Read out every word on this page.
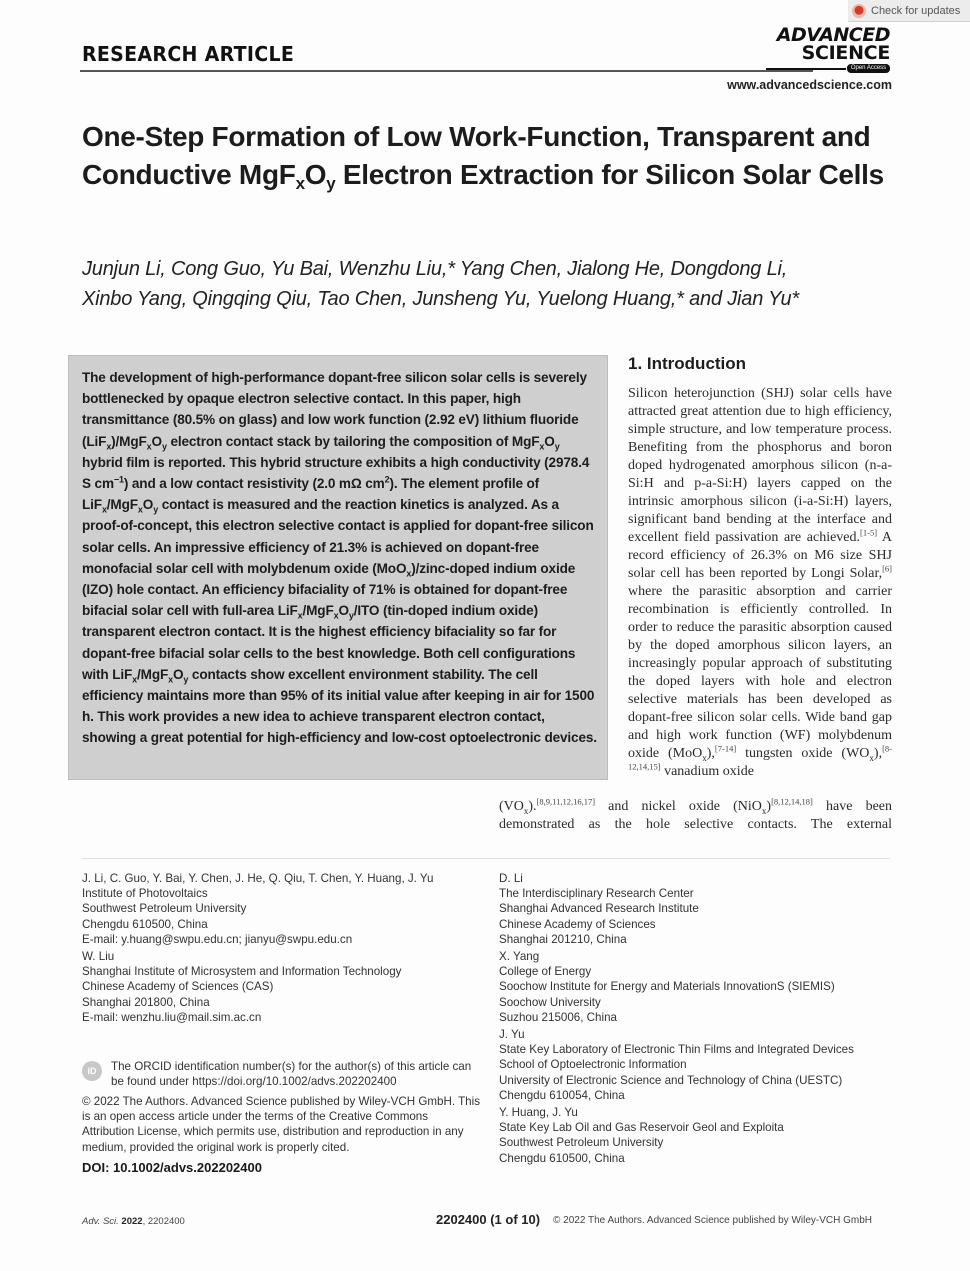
Check for updates
RESEARCH ARTICLE
ADVANCED
SCIENCE
Open Access
www.advancedscience.com
One-Step Formation of Low Work-Function, Transparent and Conductive $MgF_xO_y$ Electron Extraction for Silicon Solar Cells
Junjun Li, Cong Guo, Yu Bai, Wenzhu Liu,* Yang Chen, Jialong He, Dongdong Li,
Xinbo Yang, Qingqing Qiu, Tao Chen, Junsheng Yu, Yuelong Huang,* and Jian Yu*
The development of high-performance dopant-free silicon solar cells is severely bottlenecked by opaque electron selective contact. In this paper, high transmittance (80.5% on glass) and low work function (2.92 eV) lithium fluoride $(LiF_x)/MgF_xO_y$ electron contact stack by tailoring the composition of $MgF_xO_y$ hybrid film is reported. This hybrid structure exhibits a high conductivity (2978.4 S $cm^{-1}$) and a low contact resistivity (2.0 mΩ $cm^2$). The element profile of $LiF_x/MgF_xO_y$ contact is measured and the reaction kinetics is analyzed. As a proof-of-concept, this electron selective contact is applied for dopant-free silicon solar cells. An impressive efficiency of 21.3% is achieved on dopant-free monofacial solar cell with molybdenum oxide (MoO$_x$)/zinc-doped indium oxide (IZO) hole contact. An efficiency bifaciality of 71% is obtained for dopant-free bifacial solar cell with full-area $LiF_x/MgF_xO_y$/ITO (tin-doped indium oxide) transparent electron contact. It is the highest efficiency bifaciality so far for dopant-free bifacial solar cells to the best knowledge. Both cell configurations with $LiF_x/MgF_xO_y$ contacts show excellent environment stability. The cell efficiency maintains more than 95% of its initial value after keeping in air for 1500 h. This work provides a new idea to achieve transparent electron contact, showing a great potential for high-efficiency and low-cost optoelectronic devices.
1. Introduction
Silicon heterojunction (SHJ) solar cells have attracted great attention due to high efficiency, simple structure, and low temperature process. Benefiting from the phosphorus and boron doped hydrogenated amorphous silicon (n-a-Si:H and p-a-Si:H) layers capped on the intrinsic amorphous silicon (i-a-Si:H) layers, significant band bending at the interface and excellent field passivation are achieved.[1-5] A record efficiency of 26.3% on M6 size SHJ solar cell has been reported by Longi Solar,[6] where the parasitic absorption and carrier recombination is efficiently controlled. In order to reduce the parasitic absorption caused by the doped amorphous silicon layers, an increasingly popular approach of substituting the doped layers with hole and electron selective materials has been developed as dopant-free silicon solar cells. Wide band gap and high work function (WF) molybdenum oxide (MoO$_x$),[7-14] tungsten oxide $(WO_x),[8-12,14,15]$ vanadium oxide
$(VO_x).[8,9,11,12,16,17]$ and nickel oxide (NiO$_x$)[8,12,14,18] have been demonstrated as the hole selective contacts. The external
J. Li, C. Guo, Y. Bai, Y. Chen, J. He, Q. Qiu, T. Chen, Y. Huang, J. Yu
Institute of Photovoltaics
Southwest Petroleum University
Chengdu 610500, China
E-mail: y.huang@swpu.edu.cn; jianyu@swpu.edu.cn
W. Liu
Shanghai Institute of Microsystem and Information Technology
Chinese Academy of Sciences (CAS)
Shanghai 201800, China
E-mail: wenzhu.liu@mail.sim.ac.cn
D. Li
The Interdisciplinary Research Center
Shanghai Advanced Research Institute
Chinese Academy of Sciences
Shanghai 201210, China
X. Yang
College of Energy
Soochow Institute for Energy and Materials InnovationS (SIEMIS)
Soochow University
Suzhou 215006, China
J. Yu
State Key Laboratory of Electronic Thin Films and Integrated Devices
School of Optoelectronic Information
University of Electronic Science and Technology of China (UESTC)
Chengdu 610054, China
Y. Huang, J. Yu
State Key Lab Oil and Gas Reservoir Geol and Exploita
Southwest Petroleum University
Chengdu 610500, China
iD	The ORCID identification number(s) for the author(s) of this article can be found under https://doi.org/10.1002/advs.202202400
© 2022 The Authors. Advanced Science published by Wiley-VCH GmbH. This is an open access article under the terms of the Creative Commons Attribution License, which permits use, distribution and reproduction in any medium, provided the original work is properly cited.
DOI: 10.1002/advs.202202400
Adv. Sci. 2022, 2202400	2202400 (1 of 10) © 2022 The Authors. Advanced Science published by Wiley-VCH GmbH
